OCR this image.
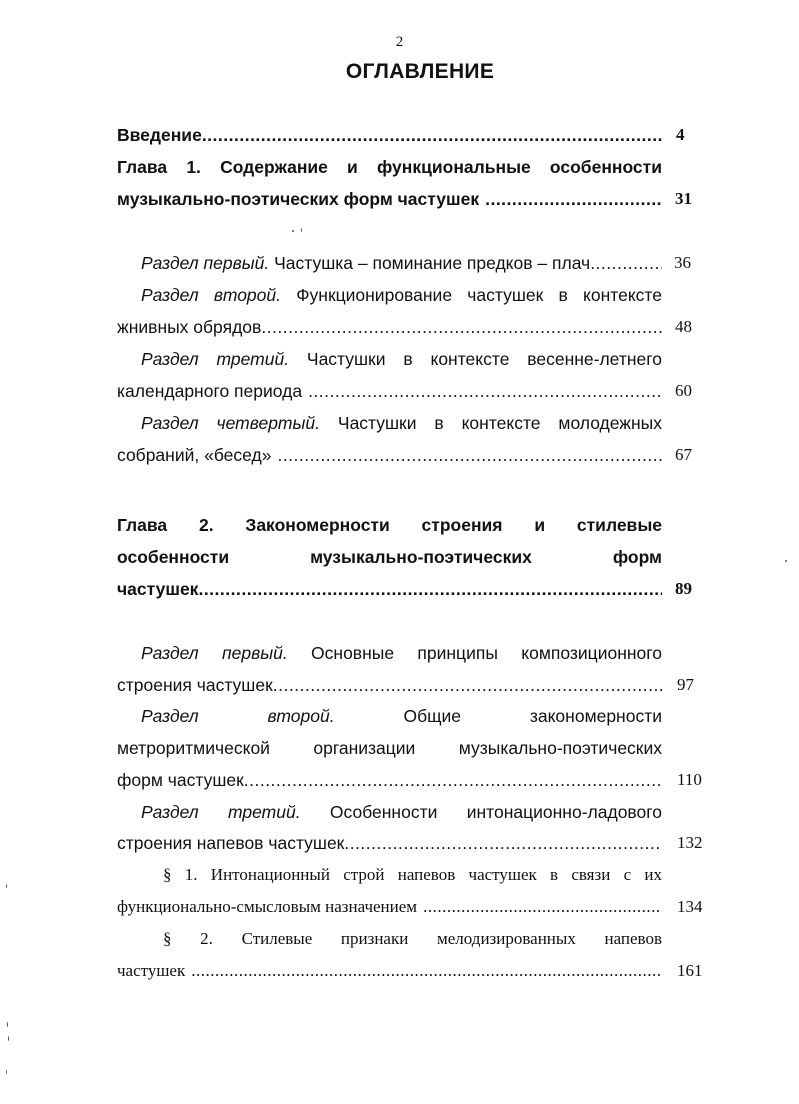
2
ОГЛАВЛЕНИЕ
Введение .....	4
Глава 1. Содержание и функциональные особенности
музыкально-поэтических форм частушек .....	31
Раздел первый. Частушка – поминание предков – плач .....	36
Раздел второй. Функционирование частушек в контексте
жнивных обрядов .....	48
Раздел третий. Частушки в контексте весенне-летнего
календарного периода .....	60
Раздел четвертый. Частушки в контексте молодежных
собраний, «бесед» .....	67
Глава 2. Закономерности строения и стилевые
особенности музыкально-поэтических форм
частушек .....	89
Раздел первый. Основные принципы композиционного
строения частушек .....	97
Раздел второй.	Общие закономерности
метроритмической организации музыкально-поэтических
форм частушек .....	110
Раздел третий. Особенности интонационно-ладового
строения напевов частушек .....	132
§ 1. Интонационный строй напевов частушек в связи с их
функционально-смысловым назначением .....	134
§ 2. Стилевые признаки мелодизированных напевов
частушек .....	161
